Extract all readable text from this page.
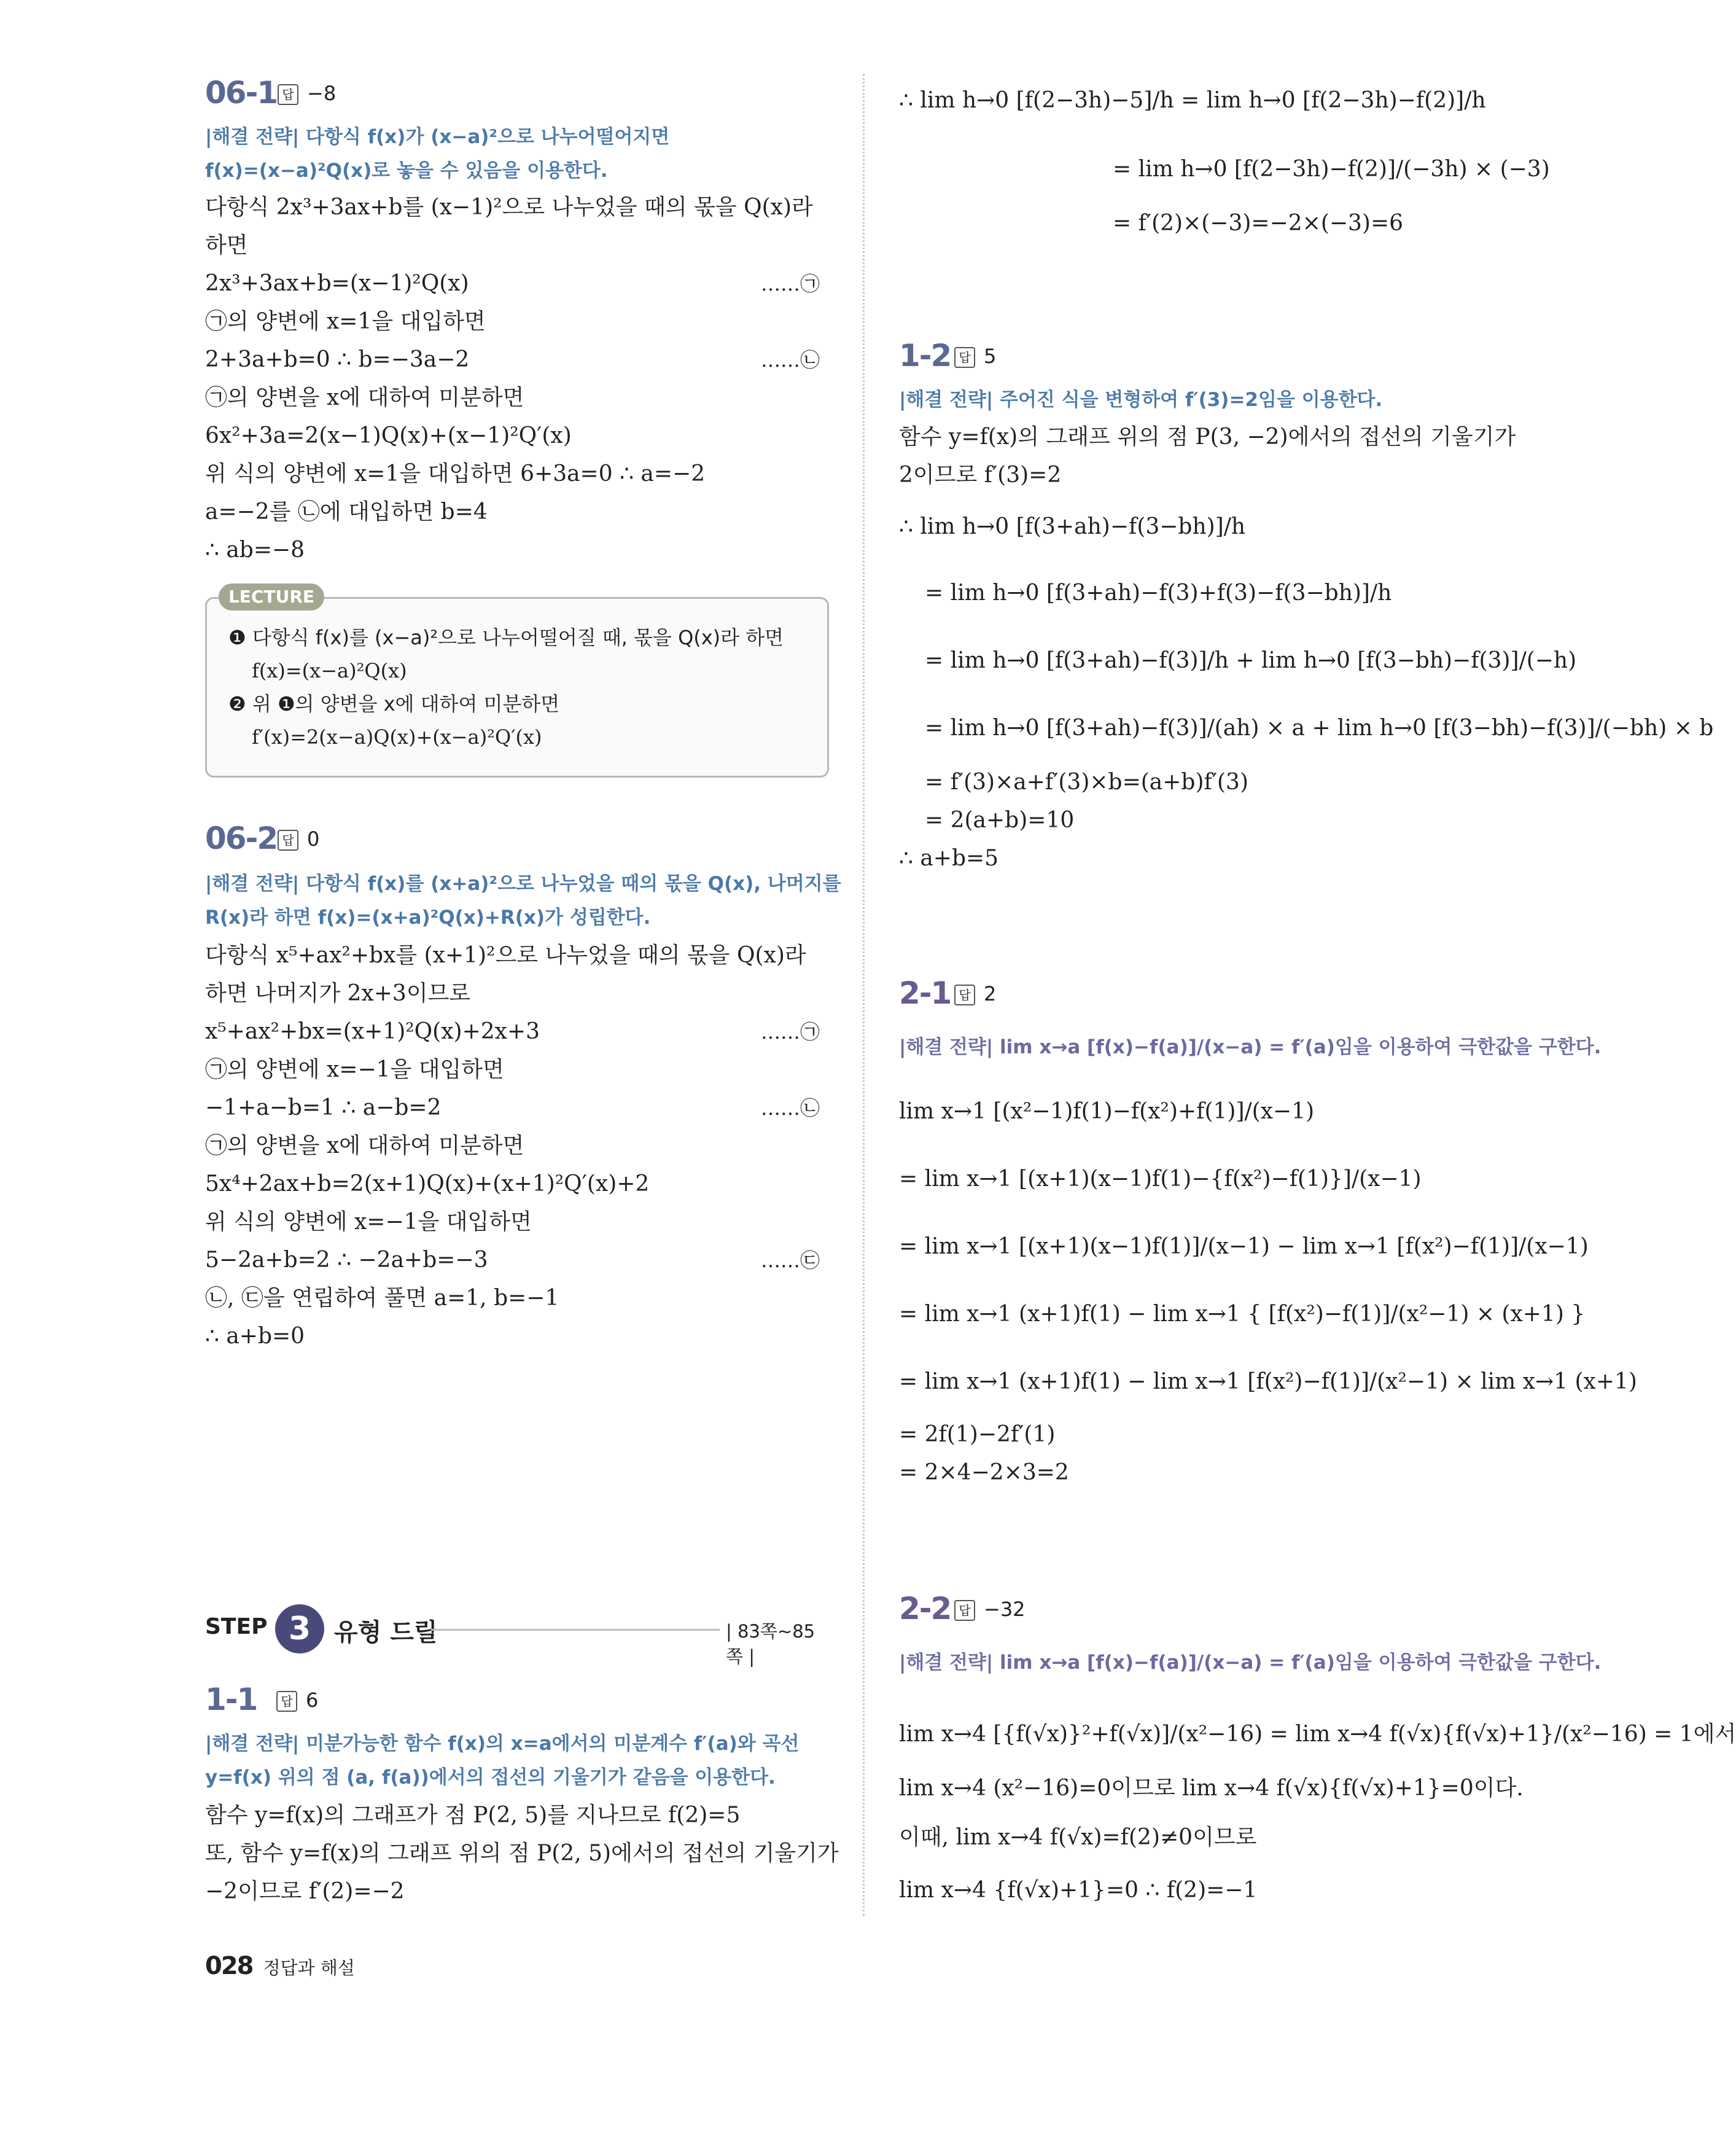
06-1 답 −8
|해결 전략| 다항식 f(x)가 (x−a)²으로 나누어떨어지면
f(x)=(x−a)²Q(x)로 놓을 수 있음을 이용한다.
다항식 2x³+3ax+b를 (x−1)²으로 나누었을 때의 몫을 Q(x)라
하면
2x³+3ax+b=(x−1)²Q(x)	……㉠
㉠의 양변에 x=1을 대입하면
2+3a+b=0 ∴ b=−3a−2	……㉡
㉠의 양변을 x에 대하여 미분하면
6x²+3a=2(x−1)Q(x)+(x−1)²Q′(x)
위 식의 양변에 x=1을 대입하면 6+3a=0 ∴ a=−2
a=−2를 ㉡에 대입하면 b=4
∴ ab=−8
LECTURE
❶ 다항식 f(x)를 (x−a)²으로 나누어떨어질 때, 몫을 Q(x)라 하면
f(x)=(x−a)²Q(x)
❷ 위 ❶의 양변을 x에 대하여 미분하면
f′(x)=2(x−a)Q(x)+(x−a)²Q′(x)
06-2 답 0
|해결 전략| 다항식 f(x)를 (x+a)²으로 나누었을 때의 몫을 Q(x), 나머지를
R(x)라 하면 f(x)=(x+a)²Q(x)+R(x)가 성립한다.
다항식 x⁵+ax²+bx를 (x+1)²으로 나누었을 때의 몫을 Q(x)라
하면 나머지가 2x+3이므로
x⁵+ax²+bx=(x+1)²Q(x)+2x+3	……㉠
㉠의 양변에 x=−1을 대입하면
−1+a−b=1 ∴ a−b=2	……㉡
㉠의 양변을 x에 대하여 미분하면
5x⁴+2ax+b=2(x+1)Q(x)+(x+1)²Q′(x)+2
위 식의 양변에 x=−1을 대입하면
5−2a+b=2 ∴ −2a+b=−3	……㉢
㉡, ㉢을 연립하여 풀면 a=1, b=−1
∴ a+b=0
STEP 3 유형 드릴	| 83쪽~85쪽 |
1-1	답 6
|해결 전략| 미분가능한 함수 f(x)의 x=a에서의 미분계수 f′(a)와 곡선
y=f(x) 위의 점 (a, f(a))에서의 접선의 기울기가 같음을 이용한다.
함수 y=f(x)의 그래프가 점 P(2, 5)를 지나므로 f(2)=5
또, 함수 y=f(x)의 그래프 위의 점 P(2, 5)에서의 접선의 기울기가
−2이므로 f′(2)=−2
∴ lim h→0 [f(2−3h)−5]/h = lim h→0 [f(2−3h)−f(2)]/h
= lim h→0 [f(2−3h)−f(2)]/(−3h) × (−3)
= f′(2)×(−3)=−2×(−3)=6
1-2 답 5
|해결 전략| 주어진 식을 변형하여 f′(3)=2임을 이용한다.
함수 y=f(x)의 그래프 위의 점 P(3, −2)에서의 접선의 기울기가
2이므로 f′(3)=2
∴ lim h→0 [f(3+ah)−f(3−bh)]/h
= lim h→0 [f(3+ah)−f(3)+f(3)−f(3−bh)]/h
= lim h→0 [f(3+ah)−f(3)]/h + lim h→0 [f(3−bh)−f(3)]/(−h)
= lim h→0 [f(3+ah)−f(3)]/(ah) × a + lim h→0 [f(3−bh)−f(3)]/(−bh) × b
= f′(3)×a+f′(3)×b=(a+b)f′(3)
= 2(a+b)=10
∴ a+b=5
2-1 답 2
|해결 전략| lim x→a [f(x)−f(a)]/(x−a) = f′(a)임을 이용하여 극한값을 구한다.
lim x→1 [(x²−1)f(1)−f(x²)+f(1)]/(x−1)
= lim x→1 [(x+1)(x−1)f(1)−{f(x²)−f(1)}]/(x−1)
= lim x→1 [(x+1)(x−1)f(1)]/(x−1) − lim x→1 [f(x²)−f(1)]/(x−1)
= lim x→1 (x+1)f(1) − lim x→1 { [f(x²)−f(1)]/(x²−1) × (x+1) }
= lim x→1 (x+1)f(1) − lim x→1 [f(x²)−f(1)]/(x²−1) × lim x→1 (x+1)
= 2f(1)−2f′(1)
= 2×4−2×3=2
2-2 답 −32
|해결 전략| lim x→a [f(x)−f(a)]/(x−a) = f′(a)임을 이용하여 극한값을 구한다.
lim x→4 [{f(√x)}²+f(√x)]/(x²−16) = lim x→4 f(√x){f(√x)+1}/(x²−16) = 1에서
lim x→4 (x²−16)=0이므로 lim x→4 f(√x){f(√x)+1}=0이다.
이때, lim x→4 f(√x)=f(2)≠0이므로
lim x→4 {f(√x)+1}=0 ∴ f(2)=−1
028 정답과 해설
